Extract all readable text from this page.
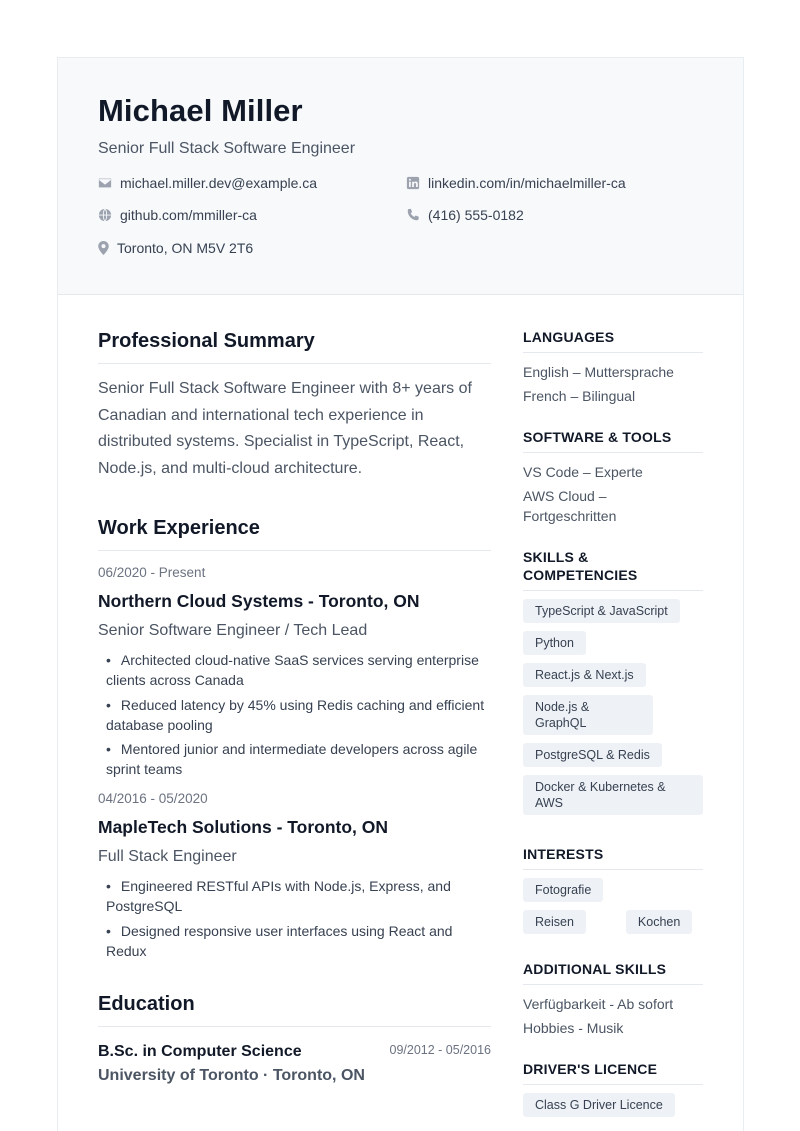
Michael Miller
Senior Full Stack Software Engineer
michael.miller.dev@example.ca	linkedin.com/in/michaelmiller-ca
github.com/mmiller-ca	(416) 555-0182
Toronto, ON M5V 2T6
Professional Summary
Senior Full Stack Software Engineer with 8+ years of Canadian and international tech experience in distributed systems. Specialist in TypeScript, React, Node.js, and multi-cloud architecture.
Work Experience
06/2020 - Present
Northern Cloud Systems - Toronto, ON
Senior Software Engineer / Tech Lead
• Architected cloud-native SaaS services serving enterprise clients across Canada
• Reduced latency by 45% using Redis caching and efficient database pooling
• Mentored junior and intermediate developers across agile sprint teams
04/2016 - 05/2020
MapleTech Solutions - Toronto, ON
Full Stack Engineer
• Engineered RESTful APIs with Node.js, Express, and PostgreSQL
• Designed responsive user interfaces using React and Redux
Education
B.Sc. in Computer Science
University of Toronto · Toronto, ON
09/2012 - 05/2016
LANGUAGES
English – Muttersprache
French – Bilingual
SOFTWARE & TOOLS
VS Code – Experte
AWS Cloud – Fortgeschritten
SKILLS & COMPETENCIES
TypeScript & JavaScript
Python
React.js & Next.js
Node.js & GraphQL
PostgreSQL & Redis
Docker & Kubernetes & AWS
INTERESTS
Fotografie
Reisen	Kochen
ADDITIONAL SKILLS
Verfügbarkeit - Ab sofort
Hobbies - Musik
DRIVER'S LICENCE
Class G Driver Licence
